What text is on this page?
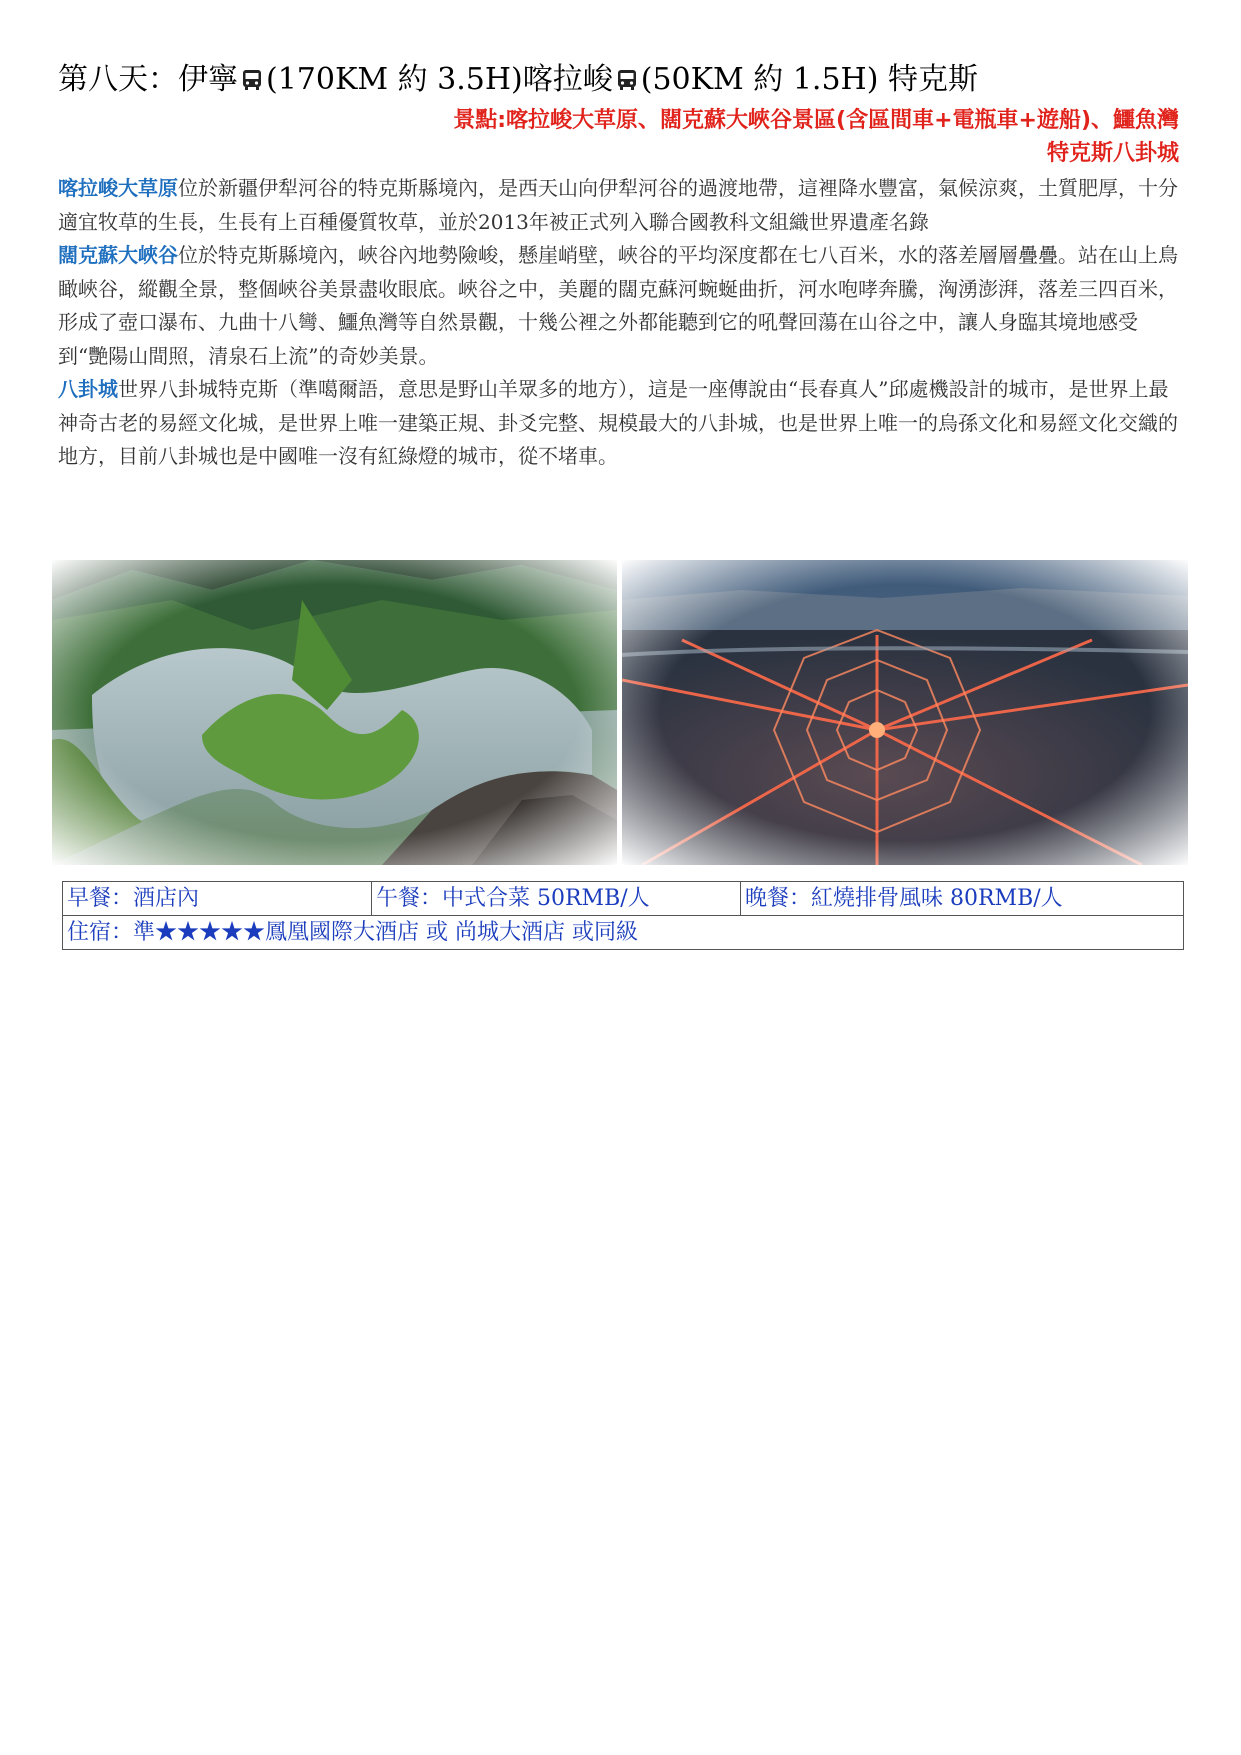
第八天：伊寧 (170KM 約 3.5H)喀拉峻 (50KM 約 1.5H) 特克斯
景點:喀拉峻大草原、闊克蘇大峽谷景區(含區間車+電瓶車+遊船)、鱷魚灣
特克斯八卦城

喀拉峻大草原位於新疆伊犁河谷的特克斯縣境內，是西天山向伊犁河谷的過渡地帶，這裡降水豐富，氣候涼爽，土質肥厚，十分適宜牧草的生長，生長有上百種優質牧草，並於2013年被正式列入聯合國教科文組織世界遺產名錄

闊克蘇大峽谷位於特克斯縣境內，峽谷內地勢險峻，懸崖峭壁，峽谷的平均深度都在七八百米，水的落差層層疊疊。站在山上鳥瞰峽谷，縱觀全景，整個峽谷美景盡收眼底。峽谷之中，美麗的闊克蘇河蜿蜒曲折，河水咆哮奔騰，洶湧澎湃，落差三四百米，形成了壺口瀑布、九曲十八彎、鱷魚灣等自然景觀，十幾公裡之外都能聽到它的吼聲回蕩在山谷之中，讓人身臨其境地感受到“艷陽山間照，清泉石上流”的奇妙美景。

八卦城世界八卦城特克斯（準噶爾語，意思是野山羊眾多的地方），這是一座傳說由“長春真人”邱處機設計的城市，是世界上最神奇古老的易經文化城，是世界上唯一建築正規、卦爻完整、規模最大的八卦城，也是世界上唯一的烏孫文化和易經文化交織的地方，目前八卦城也是中國唯一沒有紅綠燈的城市，從不堵車。

早餐：酒店內	午餐：中式合菜 50RMB/人	晚餐：紅燒排骨風味 80RMB/人
住宿：準★★★★★鳳凰國際大酒店 或 尚城大酒店 或同級
